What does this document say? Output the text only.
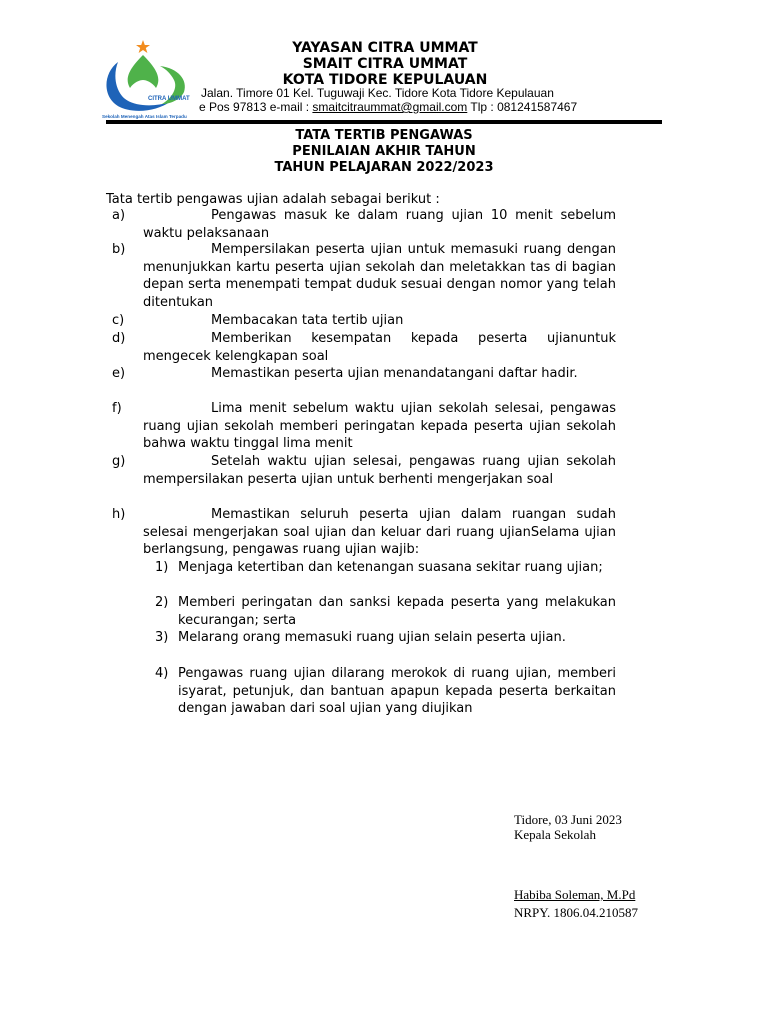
CITRA UMMAT
Sekolah Menengah Atas Islam Terpadu
YAYASAN CITRA UMMAT
SMAIT CITRA UMMAT
KOTA TIDORE KEPULAUAN
Jalan. Timore 01 Kel. Tuguwaji Kec. Tidore Kota Tidore Kepulauan
e Pos 97813 e-mail : smaitcitraummat@gmail.com Tlp : 081241587467
TATA TERTIB PENGAWAS
PENILAIAN AKHIR TAHUN
TAHUN PELAJARAN 2022/2023
Tata tertib pengawas ujian adalah sebagai berikut :
a)	Pengawas masuk ke dalam ruang ujian 10 menit sebelum waktu pelaksanaan
b)	Mempersilakan peserta ujian untuk memasuki ruang dengan menunjukkan kartu peserta ujian sekolah dan meletakkan tas di bagian depan serta menempati tempat duduk sesuai dengan nomor yang telah ditentukan
c)	Membacakan tata tertib ujian
d)	Memberikan kesempatan kepada peserta ujianuntuk mengecek kelengkapan soal
e)	Memastikan peserta ujian menandatangani daftar hadir.
f)	Lima menit sebelum waktu ujian sekolah selesai, pengawas ruang ujian sekolah memberi peringatan kepada peserta ujian sekolah bahwa waktu tinggal lima menit
g)	Setelah waktu ujian selesai, pengawas ruang ujian sekolah mempersilakan peserta ujian untuk berhenti mengerjakan soal
h)	Memastikan seluruh peserta ujian dalam ruangan sudah selesai mengerjakan soal ujian dan keluar dari ruang ujianSelama ujian berlangsung, pengawas ruang ujian wajib:
1) Menjaga ketertiban dan ketenangan suasana sekitar ruang ujian;
2) Memberi peringatan dan sanksi kepada peserta yang melakukan kecurangan; serta
3) Melarang orang memasuki ruang ujian selain peserta ujian.
4) Pengawas ruang ujian dilarang merokok di ruang ujian, memberi isyarat, petunjuk, dan bantuan apapun kepada peserta berkaitan dengan jawaban dari soal ujian yang diujikan
Tidore, 03 Juni 2023
Kepala Sekolah
Habiba Soleman, M.Pd
NRPY. 1806.04.210587
